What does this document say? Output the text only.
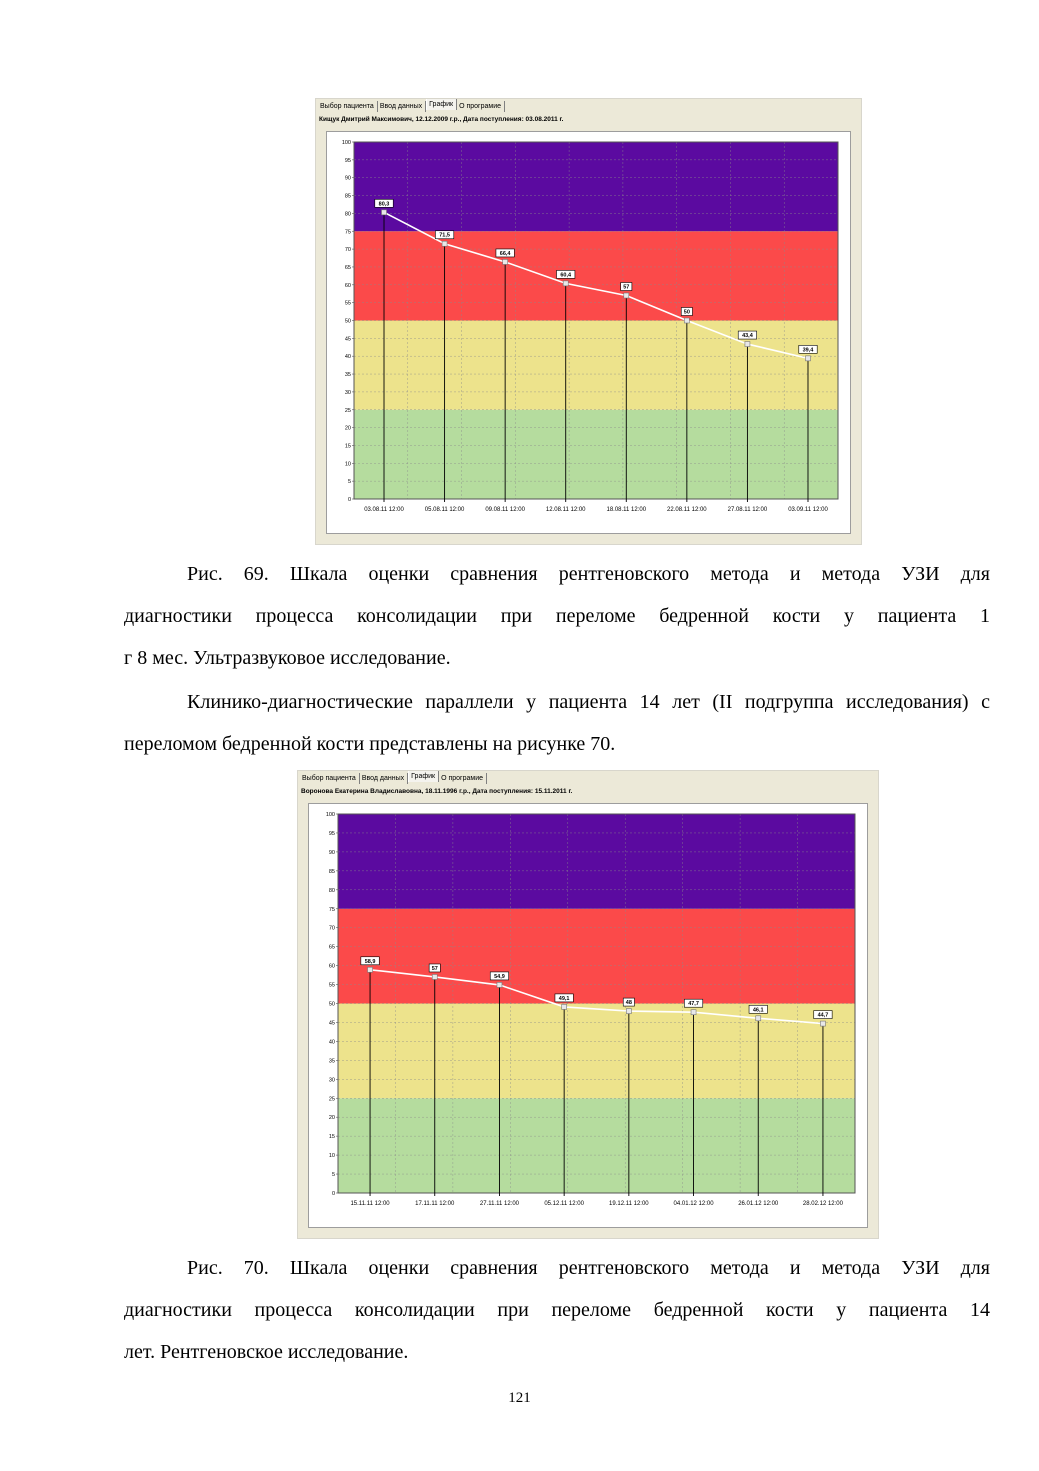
Выбор пациента Ввод данных	График О програмие
Кищук Дмитрий Максимович, 12.12.2009 г.р., Дата поступления: 03.08.2011 г.
0
5
10
15
20
25
30
35
40
45
50
55
60
65
70
75
80
85
90
95
100
80,3
71,5
66,4
60,4
57
50
43,4
39,4
03.08.11 12:00	05.08.11 12:00	09.08.11 12:00	12.08.11 12:00	18.08.11 12:00	22.08.11 12:00	27.08.11 12:00	03.09.11 12:00
Рис. 69. Шкала оценки сравнения рентгеновского метода и метода УЗИ для
диагностики процесса консолидации при переломе бедренной кости у пациента 1
г 8 мес. Ультразвуковое исследование.

Клинико-диагностические параллели у пациента 14 лет (II подгруппа исследования) с переломом бедренной кости представлены на рисунке 70.

Выбор пациента Ввод данных	График О програмие
Воронова Екатерина Владиславовна, 18.11.1996 г.р., Дата поступления: 15.11.2011 г.
0
5
10
15
20
25
30
35
40
45
50
55
60
65
70
75
80
85
90
95
100
58,9
57
54,9
49,1
48	47,7
46,1
44,7
15.11.11 12:00	17.11.11 12:00	27.11.11 12:00	05.12.11 12:00	19.12.11 12:00	04.01.12 12:00	26.01.12 12:00	28.02.12 12:00
Рис. 70. Шкала оценки сравнения рентгеновского метода и метода УЗИ для
диагностики процесса консолидации при переломе бедренной кости у пациента 14
лет. Рентгеновское исследование.
121
